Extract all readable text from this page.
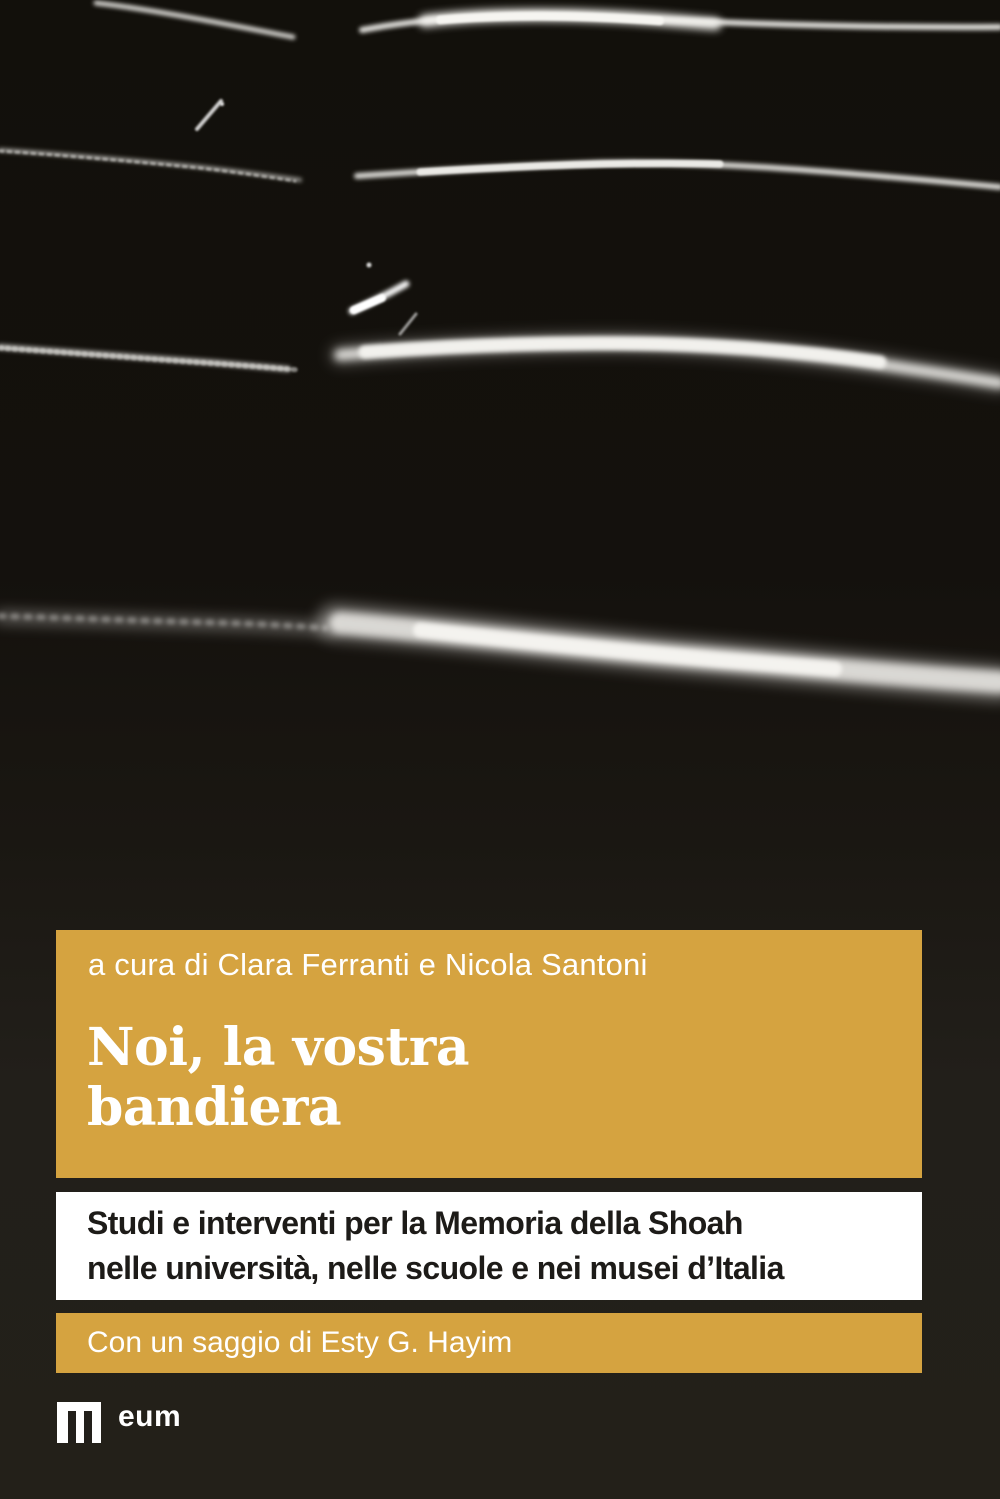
a cura di Clara Ferranti e Nicola Santoni
Noi, la vostra
bandiera
Studi e interventi per la Memoria della Shoah
nelle università, nelle scuole e nei musei d’Italia
Con un saggio di Esty G. Hayim
eum
